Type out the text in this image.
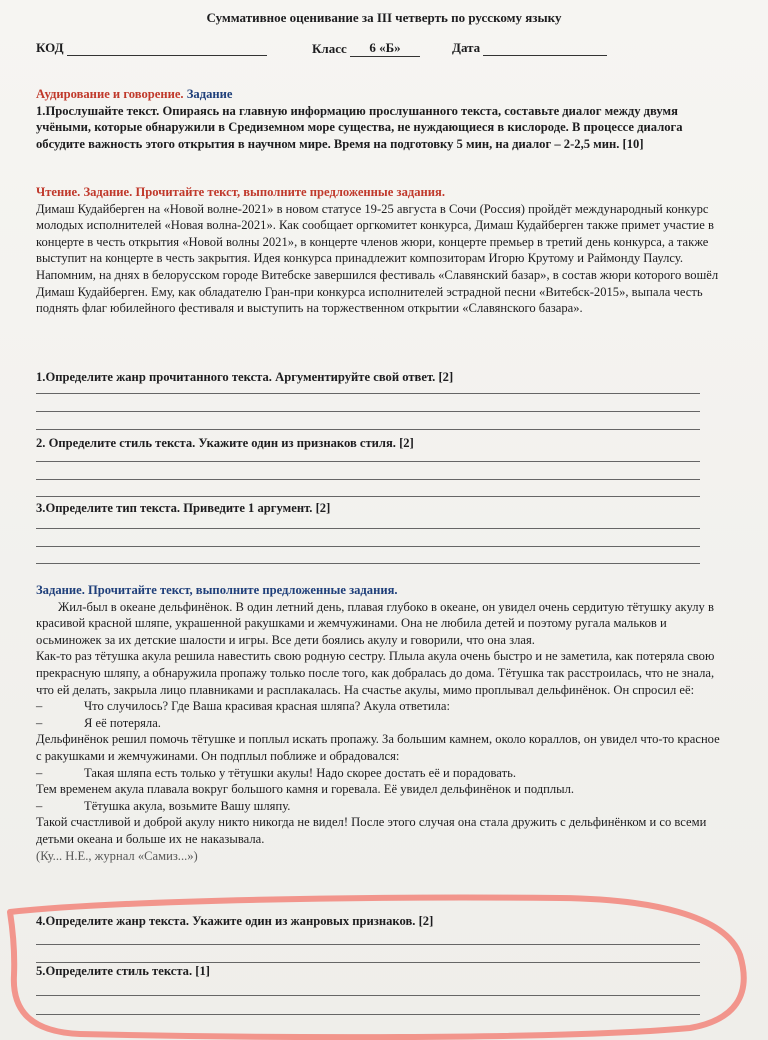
Суммативное оценивание за III четверть по русскому языку
КОД	Класс 6 «Б»	Дата
Аудирование и говорение. Задание
1.Прослушайте текст. Опираясь на главную информацию прослушанного текста, составьте диалог между двумя учёными, которые обнаружили в Средиземном море существа, не нуждающиеся в кислороде. В процессе диалога обсудите важность этого открытия в научном мире. Время на подготовку 5 мин, на диалог – 2-2,5 мин. [10]
Чтение. Задание. Прочитайте текст, выполните предложенные задания.
Димаш Кудайберген на «Новой волне-2021» в новом статусе 19-25 августа в Сочи (Россия) пройдёт международный конкурс молодых исполнителей «Новая волна-2021». Как сообщает оргкомитет конкурса, Димаш Кудайберген также примет участие в концерте в честь открытия «Новой волны 2021», в концерте членов жюри, концерте премьер в третий день конкурса, а также выступит на концерте в честь закрытия. Идея конкурса принадлежит композиторам Игорю Крутому и Раймонду Паулсу.
Напомним, на днях в белорусском городе Витебске завершился фестиваль «Славянский базар», в состав жюри которого вошёл Димаш Кудайберген. Ему, как обладателю Гран-при конкурса исполнителей эстрадной песни «Витебск-2015», выпала честь поднять флаг юбилейного фестиваля и выступить на торжественном открытии «Славянского базара».
1.Определите жанр прочитанного текста. Аргументируйте свой ответ. [2]
2. Определите стиль текста. Укажите один из признаков стиля. [2]
3.Определите тип текста. Приведите 1 аргумент. [2]
Задание. Прочитайте текст, выполните предложенные задания.
Жил-был в океане дельфинёнок. В один летний день, плавая глубоко в океане, он увидел очень сердитую тётушку акулу в красивой красной шляпе, украшенной ракушками и жемчужинами. Она не любила детей и поэтому ругала мальков и осьминожек за их детские шалости и игры. Все дети боялись акулу и говорили, что она злая.
Как-то раз тётушка акула решила навестить свою родную сестру. Плыла акула очень быстро и не заметила, как потеряла свою прекрасную шляпу, а обнаружила пропажу только после того, как добралась до дома. Тётушка так расстроилась, что не знала, что ей делать, закрыла лицо плавниками и расплакалась. На счастье акулы, мимо проплывал дельфинёнок. Он спросил её:
–	Что случилось? Где Ваша красивая красная шляпа? Акула ответила:
–	Я её потеряла.
Дельфинёнок решил помочь тётушке и поплыл искать пропажу. За большим камнем, около кораллов, он увидел что-то красное с ракушками и жемчужинами. Он подплыл поближе и обрадовался:
–	Такая шляпа есть только у тётушки акулы! Надо скорее достать её и порадовать.
Тем временем акула плавала вокруг большого камня и горевала. Её увидел дельфинёнок и подплыл.
–	Тётушка акула, возьмите Вашу шляпу.
Такой счастливой и доброй акулу никто никогда не видел! После этого случая она стала дружить с дельфинёнком и со всеми детьми океана и больше их не наказывала.
(Ку... Н.Е., журнал «Самиз...»)
4.Определите жанр текста. Укажите один из жанровых признаков. [2]
5.Определите стиль текста. [1]
